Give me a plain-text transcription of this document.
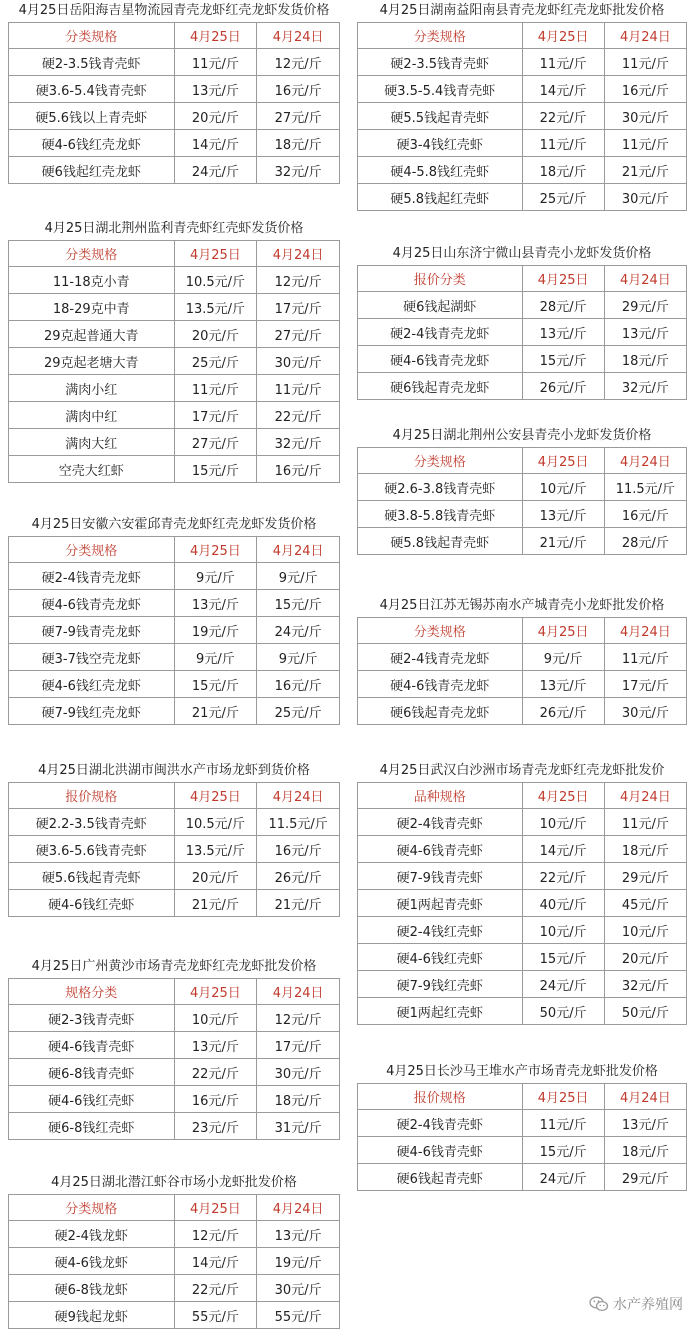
4月25日岳阳海吉星物流园青壳龙虾红壳龙虾发货价格
分类规格	4月25日	4月24日
硬2-3.5钱青壳虾	11元/斤	12元/斤
硬3.6-5.4钱青壳虾	13元/斤	16元/斤
硬5.6钱以上青壳虾	20元/斤	27元/斤
硬4-6钱红壳龙虾	14元/斤	18元/斤
硬6钱起红壳龙虾	24元/斤	32元/斤
4月25日湖北荆州监利青壳虾红壳虾发货价格
分类规格	4月25日	4月24日
11-18克小青	10.5元/斤	12元/斤
18-29克中青	13.5元/斤	17元/斤
29克起普通大青	20元/斤	27元/斤
29克起老塘大青	25元/斤	30元/斤
满肉小红	11元/斤	11元/斤
满肉中红	17元/斤	22元/斤
满肉大红	27元/斤	32元/斤
空壳大红虾	15元/斤	16元/斤
4月25日安徽六安霍邱青壳龙虾红壳龙虾发货价格
分类规格	4月25日	4月24日
硬2-4钱青壳龙虾	9元/斤	9元/斤
硬4-6钱青壳龙虾	13元/斤	15元/斤
硬7-9钱青壳龙虾	19元/斤	24元/斤
硬3-7钱空壳龙虾	9元/斤	9元/斤
硬4-6钱红壳龙虾	15元/斤	16元/斤
硬7-9钱红壳龙虾	21元/斤	25元/斤
4月25日湖北洪湖市闽洪水产市场龙虾到货价格
报价规格	4月25日	4月24日
硬2.2-3.5钱青壳虾	10.5元/斤	11.5元/斤
硬3.6-5.6钱青壳虾	13.5元/斤	16元/斤
硬5.6钱起青壳虾	20元/斤	26元/斤
硬4-6钱红壳虾	21元/斤	21元/斤
4月25日广州黄沙市场青壳龙虾红壳龙虾批发价格
规格分类	4月25日	4月24日
硬2-3钱青壳虾	10元/斤	12元/斤
硬4-6钱青壳虾	13元/斤	17元/斤
硬6-8钱青壳虾	22元/斤	30元/斤
硬4-6钱红壳虾	16元/斤	18元/斤
硬6-8钱红壳虾	23元/斤	31元/斤
4月25日湖北潜江虾谷市场小龙虾批发价格
分类规格	4月25日	4月24日
硬2-4钱龙虾	12元/斤	13元/斤
硬4-6钱龙虾	14元/斤	19元/斤
硬6-8钱龙虾	22元/斤	30元/斤
硬9钱起龙虾	55元/斤	55元/斤
4月25日湖南益阳南县青壳龙虾红壳龙虾批发价格
分类规格	4月25日	4月24日
硬2-3.5钱青壳虾	11元/斤	11元/斤
硬3.5-5.4钱青壳虾	14元/斤	16元/斤
硬5.5钱起青壳虾	22元/斤	30元/斤
硬3-4钱红壳虾	11元/斤	11元/斤
硬4-5.8钱红壳虾	18元/斤	21元/斤
硬5.8钱起红壳虾	25元/斤	30元/斤
4月25日山东济宁微山县青壳小龙虾发货价格
报价分类	4月25日	4月24日
硬6钱起湖虾	28元/斤	29元/斤
硬2-4钱青壳龙虾	13元/斤	13元/斤
硬4-6钱青壳龙虾	15元/斤	18元/斤
硬6钱起青壳龙虾	26元/斤	32元/斤
4月25日湖北荆州公安县青壳小龙虾发货价格
分类规格	4月25日	4月24日
硬2.6-3.8钱青壳虾	10元/斤	11.5元/斤
硬3.8-5.8钱青壳虾	13元/斤	16元/斤
硬5.8钱起青壳虾	21元/斤	28元/斤
4月25日江苏无锡苏南水产城青壳小龙虾批发价格
分类规格	4月25日	4月24日
硬2-4钱青壳龙虾	9元/斤	11元/斤
硬4-6钱青壳龙虾	13元/斤	17元/斤
硬6钱起青壳龙虾	26元/斤	30元/斤
4月25日武汉白沙洲市场青壳龙虾红壳龙虾批发价
品种规格	4月25日	4月24日
硬2-4钱青壳虾	10元/斤	11元/斤
硬4-6钱青壳虾	14元/斤	18元/斤
硬7-9钱青壳虾	22元/斤	29元/斤
硬1两起青壳虾	40元/斤	45元/斤
硬2-4钱红壳虾	10元/斤	10元/斤
硬4-6钱红壳虾	15元/斤	20元/斤
硬7-9钱红壳虾	24元/斤	32元/斤
硬1两起红壳虾	50元/斤	50元/斤
4月25日长沙马王堆水产市场青壳龙虾批发价格
报价规格	4月25日	4月24日
硬2-4钱青壳虾	11元/斤	13元/斤
硬4-6钱青壳虾	15元/斤	18元/斤
硬6钱起青壳虾	24元/斤	29元/斤
水产养殖网
